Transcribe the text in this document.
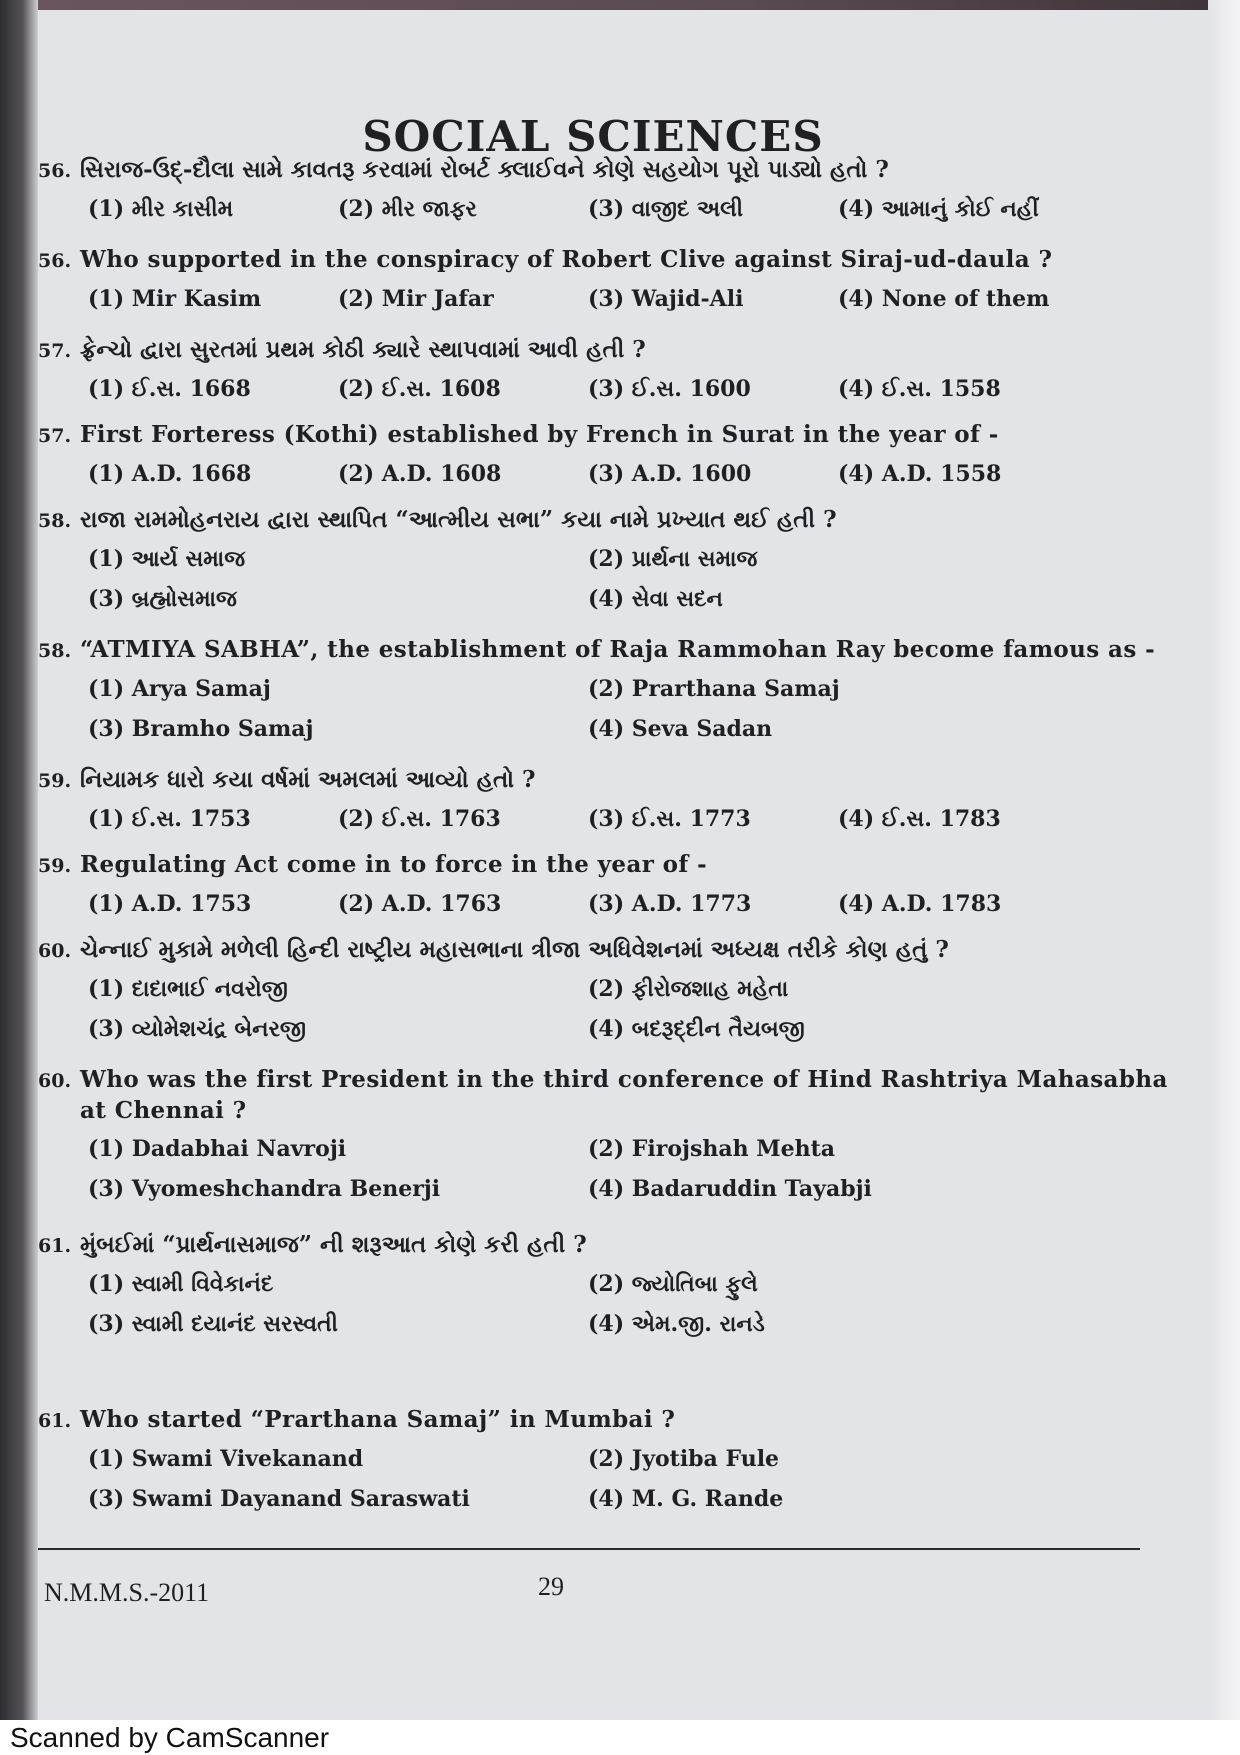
SOCIAL SCIENCES
56. સિરાજ-ઉદ્-દૌલા સામે કાવતરૂ કરવામાં રોબર્ટ ક્લાઈવને કોણે સહયોગ પૂરો પાડ્યો હતો ?
(1) મીર કાસીમ	(2) મીર જાફર	(3) વાજીદ અલી	(4) આમાનું કોઈ નહીં
56. Who supported in the conspiracy of Robert Clive against Siraj-ud-daula ?
(1) Mir Kasim	(2) Mir Jafar	(3) Wajid-Ali	(4) None of them
57. ફ્રેન્ચો દ્વારા સુરતમાં પ્રથમ કોઠી ક્યારે સ્થાપવામાં આવી હતી ?
(1) ઈ.સ. 1668	(2) ઈ.સ. 1608	(3) ઈ.સ. 1600	(4) ઈ.સ. 1558
57. First Forteress (Kothi) established by French in Surat in the year of -
(1) A.D. 1668	(2) A.D. 1608	(3) A.D. 1600	(4) A.D. 1558
58. રાજા રામમોહનરાય દ્વારા સ્થાપિત “આત્મીય સભા” કયા નામે પ્રખ્યાત થઈ હતી ?
(1) આર્ય સમાજ	(2) પ્રાર્થના સમાજ
(3) બ્રહ્મોસમાજ	(4) સેવા સદન
58. “ATMIYA SABHA”, the establishment of Raja Rammohan Ray become famous as -
(1) Arya Samaj	(2) Prarthana Samaj
(3) Bramho Samaj	(4) Seva Sadan
59. નિયામક ધારો કયા વર્ષમાં અમલમાં આવ્યો હતો ?
(1) ઈ.સ. 1753	(2) ઈ.સ. 1763	(3) ઈ.સ. 1773	(4) ઈ.સ. 1783
59. Regulating Act come in to force in the year of -
(1) A.D. 1753	(2) A.D. 1763	(3) A.D. 1773	(4) A.D. 1783
60. ચેન્નાઈ મુકામે મળેલી હિન્દી રાષ્ટ્રીય મહાસભાના ત્રીજા અધિવેશનમાં અધ્યક્ષ તરીકે કોણ હતું ?
(1) દાદાભાઈ નવરોજી	(2) ફીરોજશાહ મહેતા
(3) વ્યોમેશચંદ્ર બેનરજી	(4) બદરૂદ્દીન તૈયબજી
60. Who was the first President in the third conference of Hind Rashtriya Mahasabha
at Chennai ?
(1) Dadabhai Navroji	(2) Firojshah Mehta
(3) Vyomeshchandra Benerji	(4) Badaruddin Tayabji
61. મુંબઈમાં “પ્રાર્થનાસમાજ” ની શરૂઆત કોણે કરી હતી ?
(1) સ્વામી વિવેકાનંદ	(2) જ્યોતિબા ફુલે
(3) સ્વામી દયાનંદ સરસ્વતી	(4) એમ.જી. રાનડે
61. Who started “Prarthana Samaj” in Mumbai ?
(1) Swami Vivekanand	(2) Jyotiba Fule
(3) Swami Dayanand Saraswati	(4) M. G. Rande
N.M.M.S.-2011	29
Scanned by CamScanner
